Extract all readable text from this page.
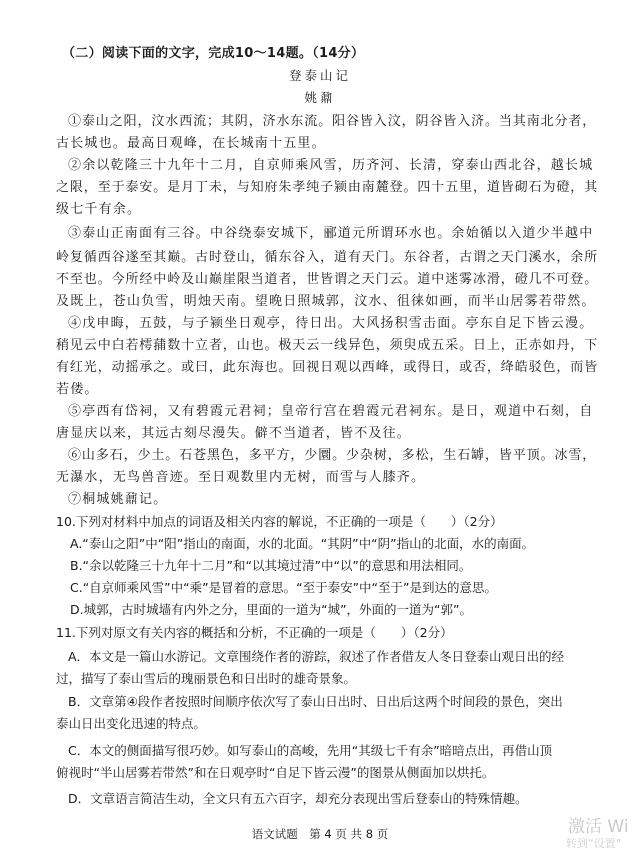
（二）阅读下面的文字，完成10～14题。（14分）
登泰山记
姚鼐
①泰山之阳，汶水西流；其阴，济水东流。阳谷皆入汶，阴谷皆入济。当其南北分者，
古长城也。最高日观峰，在长城南十五里。
②余以乾隆三十九年十二月，自京师乘风雪，历齐河、长清，穿泰山西北谷，越长城
之限，至于泰安。是月丁未，与知府朱孝纯子颍由南麓登。四十五里，道皆砌石为磴，其
级七千有余。
③泰山正南面有三谷。中谷绕泰安城下，郦道元所谓环水也。余始循以入道少半越中
岭复循西谷遂至其巅。古时登山，循东谷入，道有天门。东谷者，古谓之天门溪水，余所
不至也。今所经中岭及山巅崖限当道者，世皆谓之天门云。道中迷雾冰滑，磴几不可登。
及既上，苍山负雪，明烛天南。望晚日照城郭，汶水、徂徕如画，而半山居雾若带然。
④戊申晦，五鼓，与子颍坐日观亭，待日出。大风扬积雪击面。亭东自足下皆云漫。
稍见云中白若樗蒱数十立者，山也。极天云一线异色，须臾成五采。日上，正赤如丹，下
有红光，动摇承之。或曰，此东海也。回视日观以西峰，或得日，或否，绛皓驳色，而皆
若偻。
⑤亭西有岱祠，又有碧霞元君祠；皇帝行宫在碧霞元君祠东。是日，观道中石刻，自
唐显庆以来，其远古刻尽漫失。僻不当道者，皆不及往。
⑥山多石，少土。石苍黑色，多平方，少圜。少杂树，多松，生石罅，皆平顶。冰雪，
无瀑水，无鸟兽音迹。至日观数里内无树，而雪与人膝齐。
⑦桐城姚鼐记。
10.下列对材料中加点的词语及相关内容的解说，不正确的一项是（　　）（2分）
A.“泰山之阳”中“阳”指山的南面，水的北面。“其阴”中“阴”指山的北面，水的南面。
B.“余以乾隆三十九年十二月”和“以其境过清”中“以”的意思和用法相同。
C.“自京师乘风雪”中“乘”是冒着的意思。“至于泰安”中“至于”是到达的意思。
D.城郭，古时城墙有内外之分，里面的一道为“城”，外面的一道为“郭”。
11.下列对原文有关内容的概括和分析，不正确的一项是（　　）（2分）
A．本文是一篇山水游记。文章围绕作者的游踪，叙述了作者借友人冬日登泰山观日出的经
过，描写了泰山雪后的瑰丽景色和日出时的雄奇景象。
B．文章第④段作者按照时间顺序依次写了泰山日出时、日出后这两个时间段的景色，突出
泰山日出变化迅速的特点。
C．本文的侧面描写很巧妙。如写泰山的高峻，先用“其级七千有余”暗暗点出，再借山顶
俯视时“半山居雾若带然”和在日观亭时“自足下皆云漫”的图景从侧面加以烘托。
D．文章语言简洁生动，全文只有五六百字，却充分表现出雪后登泰山的特殊情趣。
语文试题　第 4 页 共 8 页	激活 Wi
转到“设置”
